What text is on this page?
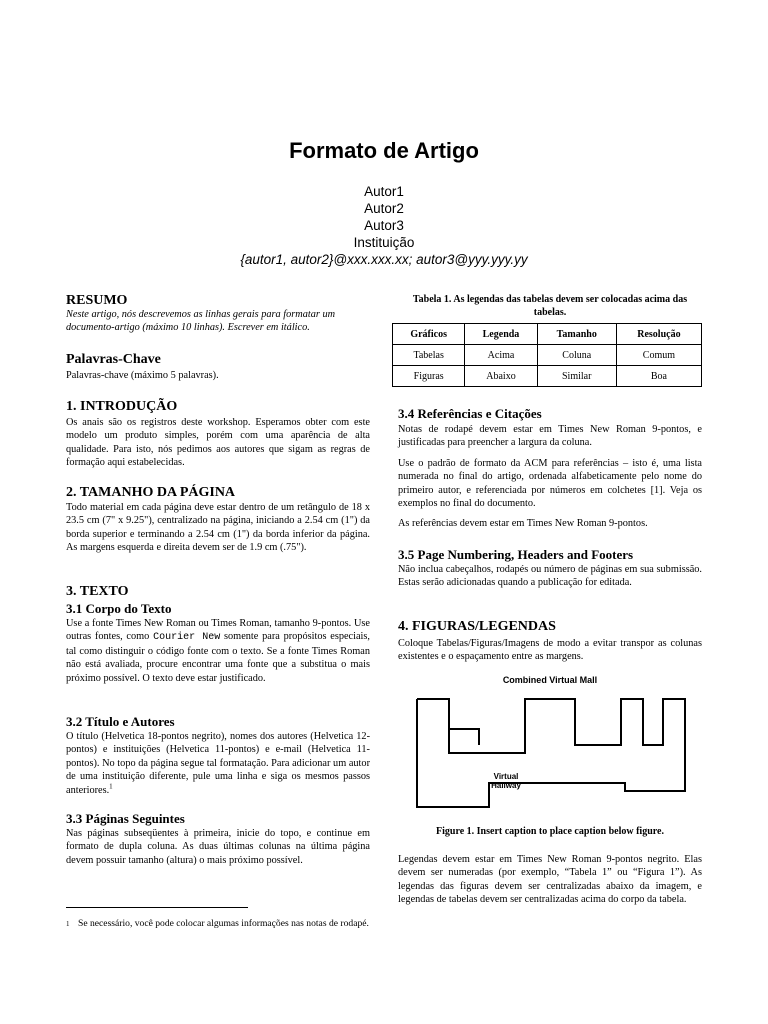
Formato de Artigo
Autor1
Autor2
Autor3
Instituição
{autor1, autor2}@xxx.xxx.xx; autor3@yyy.yyy.yy
RESUMO

Neste artigo, nós descrevemos as linhas gerais para formatar um documento-artigo (máximo 10 linhas). Escrever em itálico.

Palavras-Chave

Palavras-chave (máximo 5 palavras).

1. INTRODUÇÃO

Os anais são os registros deste workshop. Esperamos obter com este modelo um produto simples, porém com uma aparência de alta qualidade. Para isto, nós pedimos aos autores que sigam as regras de formação aqui estabelecidas.

2. TAMANHO DA PÁGINA

Todo material em cada página deve estar dentro de um retângulo de 18 x 23.5 cm (7" x 9.25"), centralizado na página, iniciando a 2.54 cm (1") da borda superior e terminando a 2.54 cm (1") da borda inferior da página. As margens esquerda e direita devem ser de 1.9 cm (.75").

3. TEXTO
3.1 Corpo do Texto

Use a fonte Times New Roman ou Times Roman, tamanho 9-pontos. Use outras fontes, como Courier New somente para propósitos especiais, tal como distinguir o código fonte com o texto. Se a fonte Times Roman não está avaliada, procure encontrar uma fonte que a substitua o mais próximo possível. O texto deve estar justificado.

3.2 Título e Autores

O título (Helvetica 18-pontos negrito), nomes dos autores (Helvetica 12-pontos) e instituições (Helvetica 11-pontos) e e-mail (Helvetica 11-pontos). No topo da página segue tal formatação. Para adicionar um autor de uma instituição diferente, pule uma linha e siga os mesmos passos anteriores.$^1$

3.3 Páginas Seguintes

Nas páginas subseqüentes à primeira, inicie do topo, e continue em formato de dupla coluna. As duas últimas colunas na última página devem possuir tamanho (altura) o mais próximo possível.

1 Se necessário, você pode colocar algumas informações nas notas de rodapé.
Tabela 1. As legendas das tabelas devem ser colocadas acima das tabelas.
Gráficos	Legenda	Tamanho	Resolução
Tabelas	Acima	Coluna	Comum
Figuras	Abaixo	Similar	Boa
3.4 Referências e Citações

Notas de rodapé devem estar em Times New Roman 9-pontos, e justificadas para preencher a largura da coluna.

Use o padrão de formato da ACM para referências – isto é, uma lista numerada no final do artigo, ordenada alfabeticamente pelo nome do primeiro autor, e referenciada por números em colchetes [1]. Veja os exemplos no final do documento.

As referências devem estar em Times New Roman 9-pontos.

3.5 Page Numbering, Headers and Footers

Não inclua cabeçalhos, rodapés ou número de páginas em sua submissão. Estas serão adicionadas quando a publicação for editada.

4. FIGURAS/LEGENDAS

Coloque Tabelas/Figuras/Imagens de modo a evitar transpor as colunas existentes e o espaçamento entre as margens.

Combined Virtual Mall
Virtual
Hallway
Figure 1. Insert caption to place caption below figure.

Legendas devem estar em Times New Roman 9-pontos negrito. Elas devem ser numeradas (por exemplo, “Tabela 1” ou “Figura 1”). As legendas das figuras devem ser centralizadas abaixo da imagem, e legendas de tabelas devem ser centralizadas acima do corpo da tabela.
